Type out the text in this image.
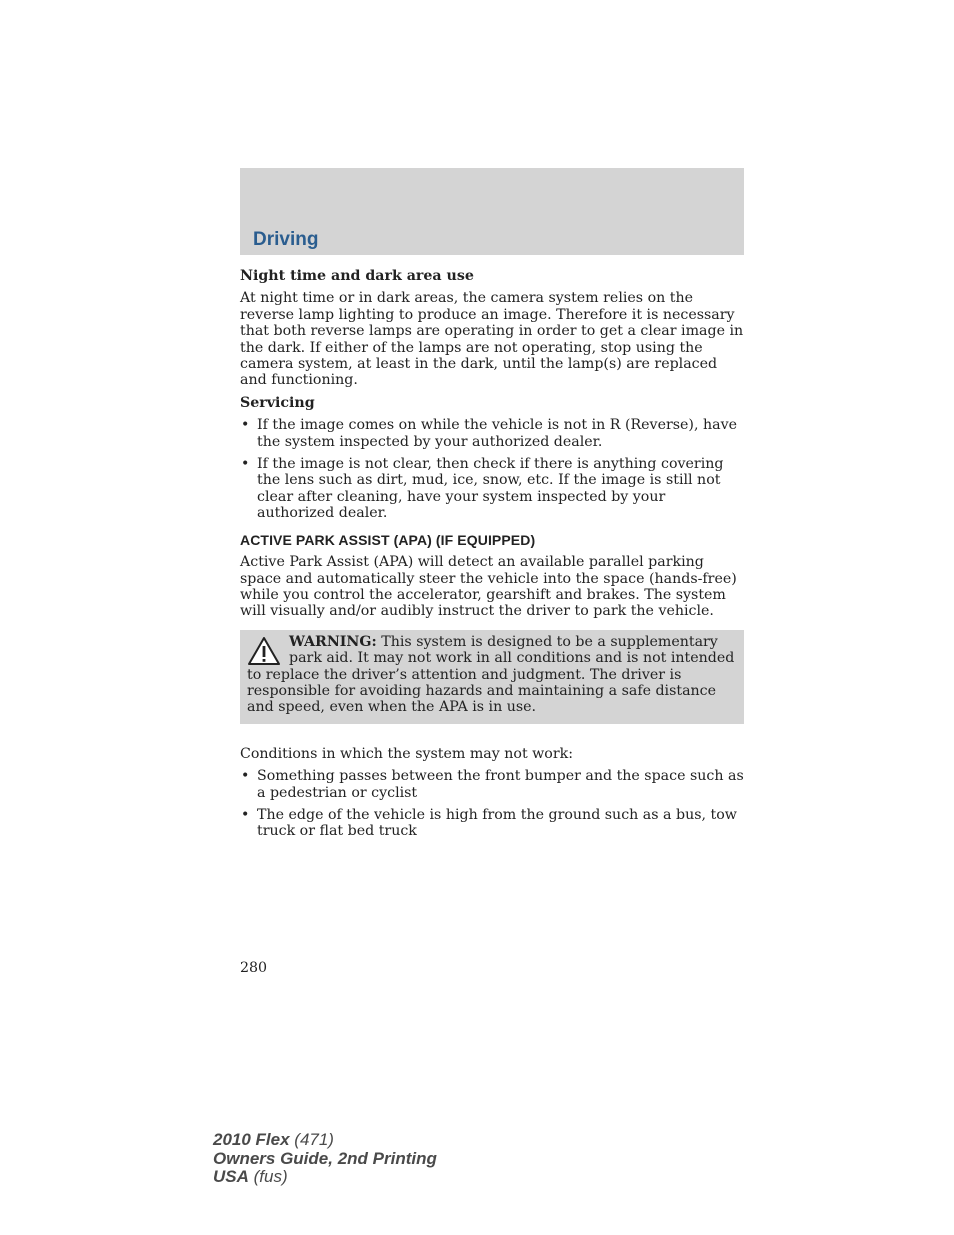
Driving
Night time and dark area use

At night time or in dark areas, the camera system relies on the reverse lamp lighting to produce an image. Therefore it is necessary that both reverse lamps are operating in order to get a clear image in the dark. If either of the lamps are not operating, stop using the camera system, at least in the dark, until the lamp(s) are replaced and functioning.

Servicing
• If the image comes on while the vehicle is not in R (Reverse), have the system inspected by your authorized dealer.
• If the image is not clear, then check if there is anything covering the lens such as dirt, mud, ice, snow, etc. If the image is still not clear after cleaning, have your system inspected by your authorized dealer.
ACTIVE PARK ASSIST (APA) (IF EQUIPPED)

Active Park Assist (APA) will detect an available parallel parking space and automatically steer the vehicle into the space (hands-free) while you control the accelerator, gearshift and brakes. The system will visually and/or audibly instruct the driver to park the vehicle.

WARNING: This system is designed to be a supplementary park aid. It may not work in all conditions and is not intended to replace the driver’s attention and judgment. The driver is responsible for avoiding hazards and maintaining a safe distance and speed, even when the APA is in use.

Conditions in which the system may not work:

• Something passes between the front bumper and the space such as a pedestrian or cyclist
• The edge of the vehicle is high from the ground such as a bus, tow truck or flat bed truck
280
2010 Flex (471)
Owners Guide, 2nd Printing
USA (fus)
